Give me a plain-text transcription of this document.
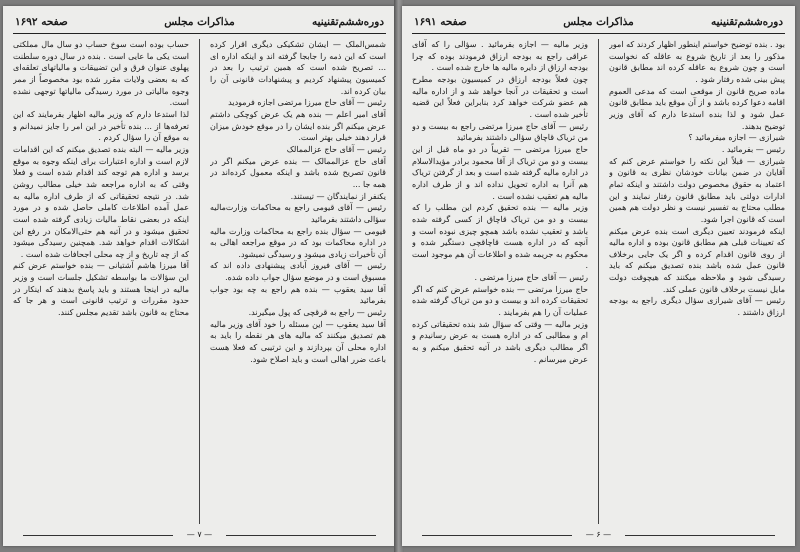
دوره‌ششم‌تقنینیه
مذاکرات مجلس
صفحه ۱۶۹۲

شمس‌الملک — ایشان تشکیکی‌ دیگری اقرار کرده است که این ذمه را جابجا گرفته اند و اینکه اداره ای ... تصریح شده است که همین ترتیب را بعد در کمیسیون پیشنهاد کردیم و پیشنهادات قانونی آن را بیان کرده اند.

رئیس — آقای حاج میرزا مرتضی اجازه فرمودید

آقای امیر اعلم — بنده هم یک عرض کوچکی داشتم عرض میکنم اگر بنده ایشان را در موقع خودش میزان قرار دهند خیلی بهتر است.

رئیس — آقای حاج عز‌الممالک

آقای حاج عز‌الممالک — بنده عرض میکنم اگر در قانون تصریح شده باشد و اینکه معمول کرده‌اند در همه جا ...

یکنفر از نمایندگان — تیستند.

رئیس — آقای قیومی راجع به محاکمات وزارت‌مالیه سؤالی داشتند بفرمائید

قیومی — سؤال بنده راجع به محاکمات وزارت مالیه در اداره محاکمات بود که در موقع مراجعه اهالی به آن تأخیرات زیادی میشود و رسیدگی نمیشود.

رئیس — آقای فیروز آبادی پیشنهادی داده اند که مسبوق است و در موضع سؤال جواب داده شده.

آقا سید یعقوب — بنده هم راجع به چه بود جواب بفرمائید

رئیس — راجع به قرقچی که پول میگیرند.

آقا سید یعقوب — این مسئله را خود آقای وزیر مالیه هم تصدیق میکنند که مالیه های هر نقطه را باید به اداره محلی آن بپردازند و این ترتیبی که فعلا هست باعث ضرر اهالی است و باید اصلاح شود.

حساب بوده است سوخ حساب دو سال مال مملکتی است یکی ما عایی است . بنده در سال دوره سلطنت پهلوی عنوان فرق و این تضییقات و مالیاتهای تعلقه‌ای که به بعضی ولایات مقرر شده بود مخصوصاً از ممر وجوه مالیاتی در مورد رسیدگی مالیاتها توجهی نشده است.

لذا استدعا دارم که وزیر مالیه اظهار بفرمایند که این تعرفه‌ها از ... بنده تأخیر در این امر را جایز نمیدانم و به موقع آن را سؤال کردم .

وزیر مالیه — البته بنده تصدیق میکنم که این اقدامات لازم است و اداره اعتبارات برای اینکه وجوه به موقع برسد و اداره هم توجه کند اقدام شده است و فعلا وقتی که به اداره مراجعه شد خیلی مطالب روشن شد. در نتیجه تحقیقاتی که از طرف اداره مالیه به عمل آمده اطلاعات کاملی حاصل شده و در مورد اینکه در بعضی نقاط مالیات زیادی گرفته شده است تحقیق میشود و در آتیه هم حتی‌الامکان در رفع این اشکالات اقدام خواهد شد. همچنین رسیدگی میشود که از چه تاریخ و از چه محلی اجحافات شده است .

آقا میرزا هاشم آشتیانی — بنده خواستم عرض کنم این سؤالات ما بواسطه تشکیل جلسات است و وزیر مالیه در اینجا هستند و باید پاسخ بدهند که اینکار در حدود مقررات و ترتیب قانونی است و هر جا که محتاج به قانون باشد تقدیم مجلس کنند.

— ۷ —
دوره‌ششم‌تقنینیه
مذاکرات مجلس
صفحه ۱۶۹۱

بود . بنده توضیح خواستم اینطور اظهار کردند که امور مذکور را بعد از تاریخ شروع به عاقله که نخواست است و چون شروع به عاقله کرده اند مطابق قانون پیش بینی شده رفتار شود .

ماده صریح قانون از موقعی است که مدعی العموم اقامه دعوا کرده باشد و از آن موقع باید مطابق قانون عمل شود و لذا بنده استدعا دارم که آقای وزیر توضیح بدهند.

شیرازی — اجازه میفرمائید ؟

رئیس — بفرمائید .

شیرازی — قبلاً این نکته را خواستم عرض کنم که آقایان در ضمن بیانات خودشان نظری به قانون و اعتماد به حقوق مخصوص دولت داشتند و اینکه تمام ادارات دولتی باید مطابق قانون رفتار نمایند و این مطلب محتاج به تفسیر نیست و نظر دولت هم همین است که قانون اجرا شود.

اینکه فرمودند تعیین دیگری است بنده عرض میکنم که تعیینات قبلی هم مطابق قانون بوده و اداره مالیه از روی قانون اقدام کرده و اگر یک جایی برخلاف قانون عمل شده باشد بنده تصدیق میکنم که باید رسیدگی شود و ملاحظه میکنند که هیچوقت دولت مایل نیست برخلاف قانون عملی کند.

رئیس — آقای شیرازی سؤال دیگری راجع به بودجه ارزاق داشتند .

وزیر مالیه — اجازه بفرمائید . سؤالی را که آقای عراقی راجع به بودجه ارزاق فرمودند بوده که چرا بودجه ارزاق از دایره مالیه ها خارج شده است .

چون فعلاً بودجه ارزاق در کمیسیون بودجه مطرح است و تحقیقات در آنجا خواهد شد و از اداره مالیه هم عضو شرکت خواهد کرد بنابراین فعلاً این قضیه تأخیر شده است .

رئیس — آقای حاج میرزا مرتضی راجع به بیست و دو من تریاک قاچاق سؤالی داشتند بفرمائید

حاج میرزا مرتضی — تقریباً در دو ماه قبل از این بیست و دو من تریاک از آقا محمود برادر مؤیدالاسلام در اداره مالیه گرفته شده است و بعد از گرفتن تریاک هم آنرا به اداره تحویل نداده اند و از طرف اداره مالیه هم تعقیب نشده است .

وزیر مالیه — بنده تحقیق کردم این مطلب را که بیست و دو من تریاک قاچاق از کسی گرفته شده باشد و تعقیب نشده باشد همچو چیزی نبوده است و آنچه که در اداره هست قاچاقچی دستگیر شده و محکوم به جریمه شده و اطلاعات آن هم موجود است .

رئیس — آقای حاج میرزا مرتضی .

حاج میرزا مرتضی — بنده خواستم عرض کنم که اگر تحقیقات کرده اند و بیست و دو من تریاک گرفته شده عملیات آن را هم بفرمایند .

وزیر مالیه — وقتی که سؤال شد بنده تحقیقاتی کرده ام و مطالبی که در اداره هست به عرض رسانیدم و اگر مطالب دیگری باشد در آتیه تحقیق میکنم و به عرض میرسانم .

— ۶ —
